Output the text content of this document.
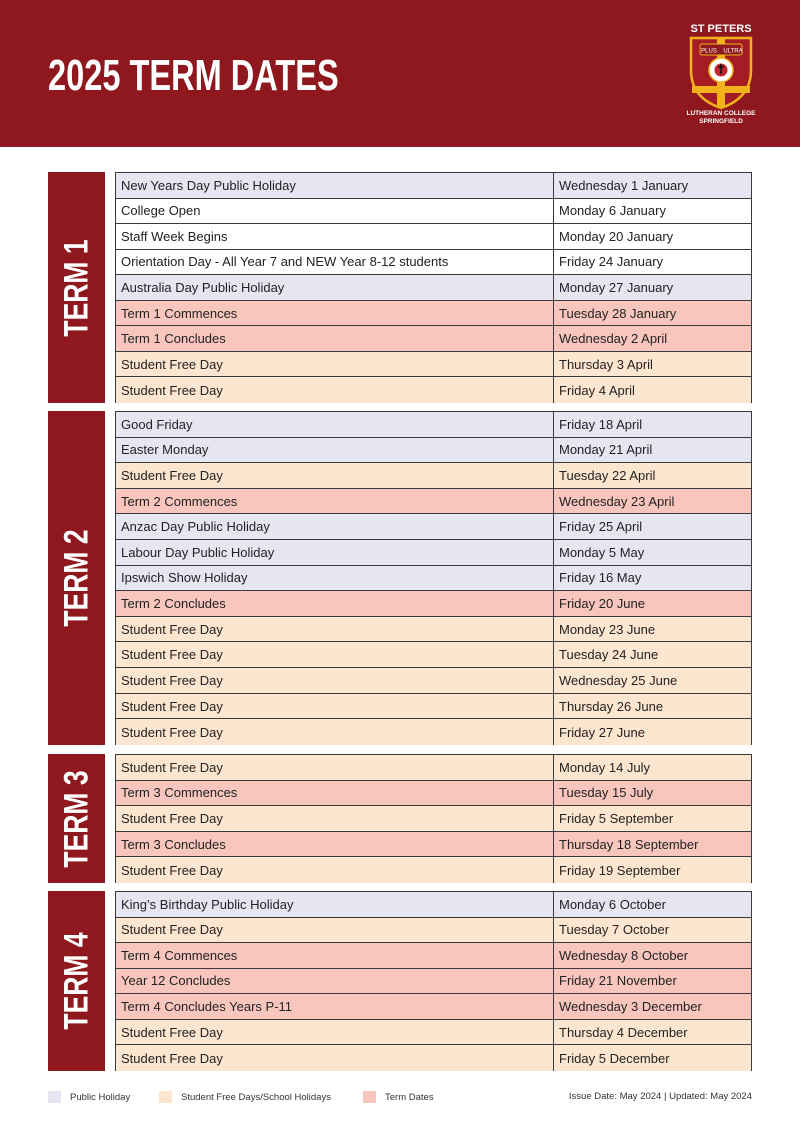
2025 TERM DATES
ST PETERS
PLUS ULTRA
LUTHERAN COLLEGE
SPRINGFIELD
TERM 1
New Years Day Public Holiday	Wednesday 1 January
College Open	Monday 6 January
Staff Week Begins	Monday 20 January
Orientation Day - All Year 7 and NEW Year 8-12 students	Friday 24 January
Australia Day Public Holiday	Monday 27 January
Term 1 Commences	Tuesday 28 January
Term 1 Concludes	Wednesday 2 April
Student Free Day	Thursday 3 April
Student Free Day	Friday 4 April
TERM 2
Good Friday	Friday 18 April
Easter Monday	Monday 21 April
Student Free Day	Tuesday 22 April
Term 2 Commences	Wednesday 23 April
Anzac Day Public Holiday	Friday 25 April
Labour Day Public Holiday	Monday 5 May
Ipswich Show Holiday	Friday 16 May
Term 2 Concludes	Friday 20 June
Student Free Day	Monday 23 June
Student Free Day	Tuesday 24 June
Student Free Day	Wednesday 25 June
Student Free Day	Thursday 26 June
Student Free Day	Friday 27 June
TERM 3
Student Free Day	Monday 14 July
Term 3 Commences	Tuesday 15 July
Student Free Day	Friday 5 September
Term 3 Concludes	Thursday 18 September
Student Free Day	Friday 19 September
TERM 4
King’s Birthday Public Holiday	Monday 6 October
Student Free Day	Tuesday 7 October
Term 4 Commences	Wednesday 8 October
Year 12 Concludes	Friday 21 November
Term 4 Concludes Years P-11	Wednesday 3 December
Student Free Day	Thursday 4 December
Student Free Day	Friday 5 December
Public Holiday	Student Free Days/School Holidays	Term Dates	Issue Date: May 2024 | Updated: May 2024
